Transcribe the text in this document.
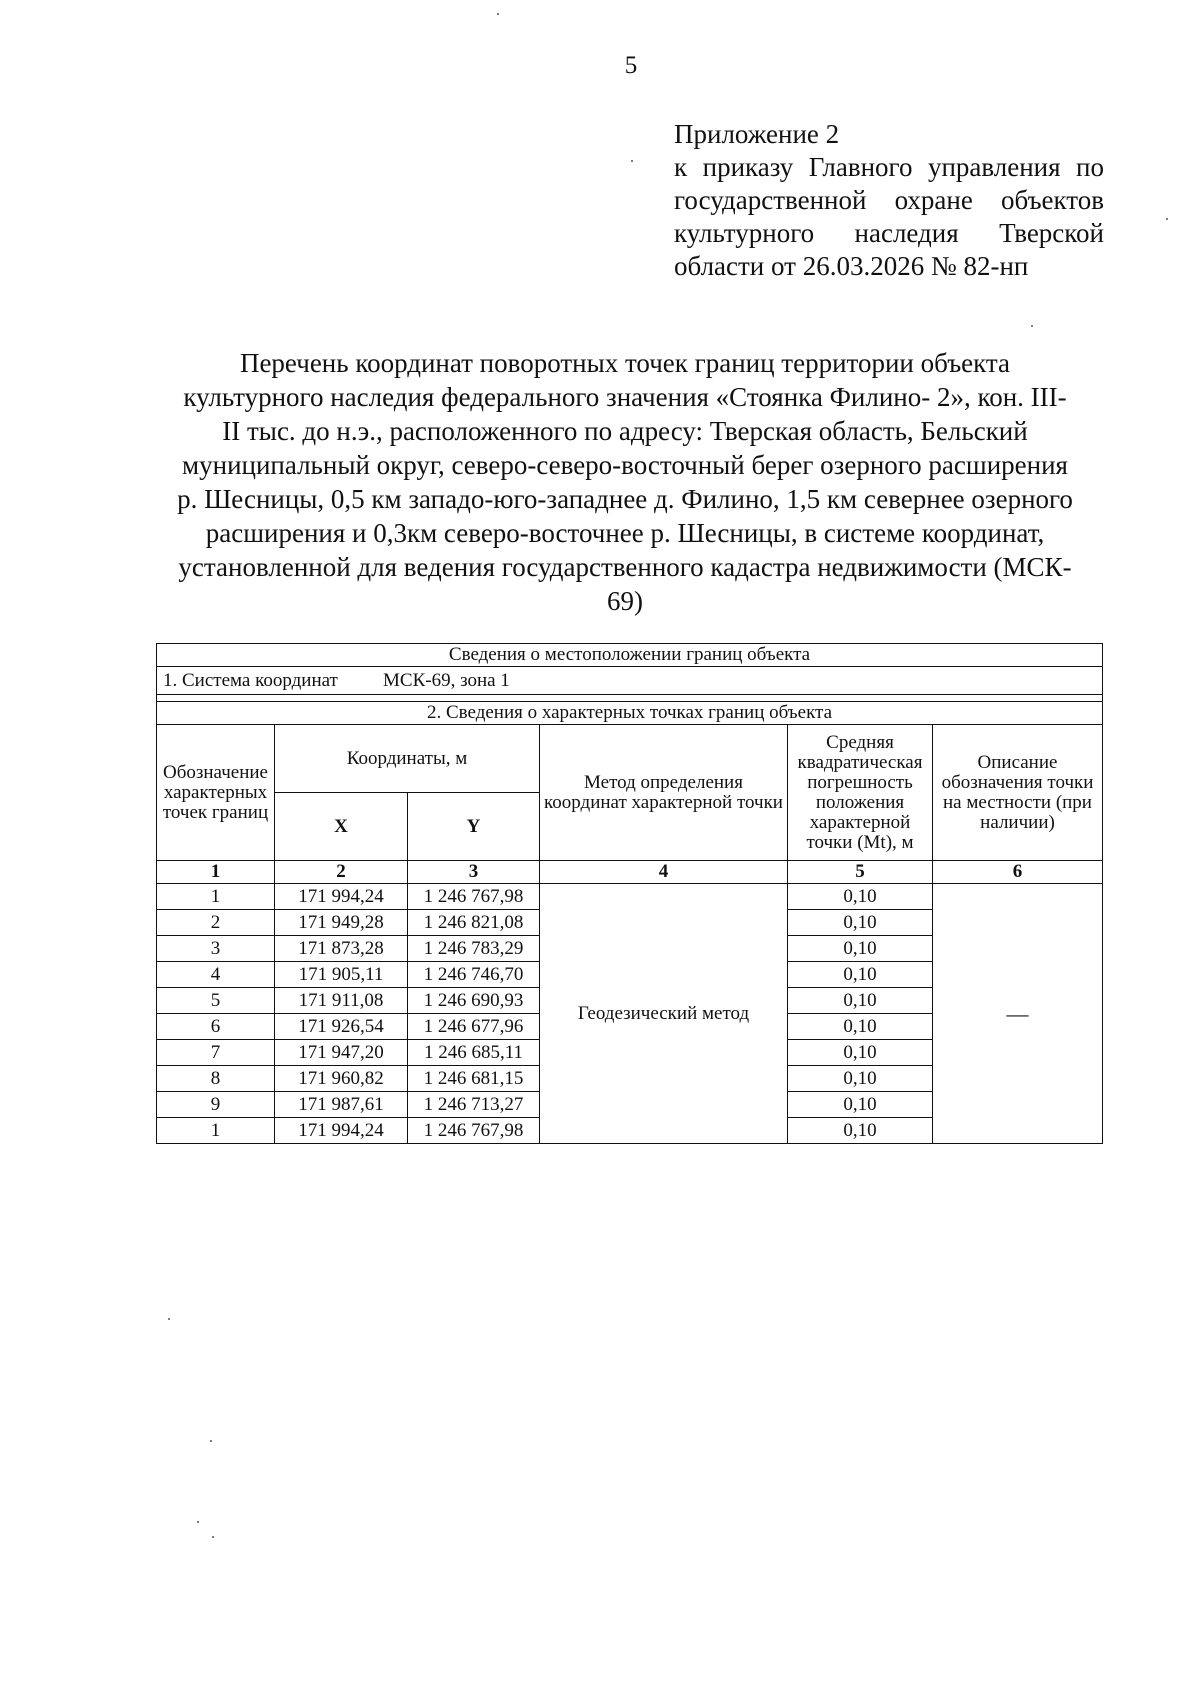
5
Приложение 2
к приказу Главного управления по государственной охране объектов культурного наследия Тверской области от 26.03.2026 № 82-нп
Перечень координат поворотных точек границ территории объекта
культурного наследия федерального значения «Стоянка Филино- 2», кон. III-
II тыс. до н.э., расположенного по адресу: Тверская область, Бельский
муниципальный округ, северо-северо-восточный берег озерного расширения
р. Шесницы, 0,5 км западо-юго-западнее д. Филино, 1,5 км севернее озерного
расширения и 0,3км северо-восточнее р. Шесницы, в системе координат,
установленной для ведения государственного кадастра недвижимости (МСК-
69)
Сведения о местоположении границ объекта					
1. Система координат МСК-69, зона 1					

2. Сведения о характерных точках границ объекта					
Обозначение характерных точек границ	Координаты, м		Метод определения координат характерной точки	Средняя квадратическая погрешность положения характерной точки (Mt), м	Описание обозначения точки на местности (при наличии)
	X	Y			
1	2	3	4	5	6
1	171 994,24	1 246 767,98	Геодезический метод	0,10	—
2	171 949,28	1 246 821,08		0,10	
3	171 873,28	1 246 783,29		0,10	
4	171 905,11	1 246 746,70		0,10	
5	171 911,08	1 246 690,93		0,10	
6	171 926,54	1 246 677,96		0,10	
7	171 947,20	1 246 685,11		0,10	
8	171 960,82	1 246 681,15		0,10	
9	171 987,61	1 246 713,27		0,10	
1	171 994,24	1 246 767,98		0,10	
